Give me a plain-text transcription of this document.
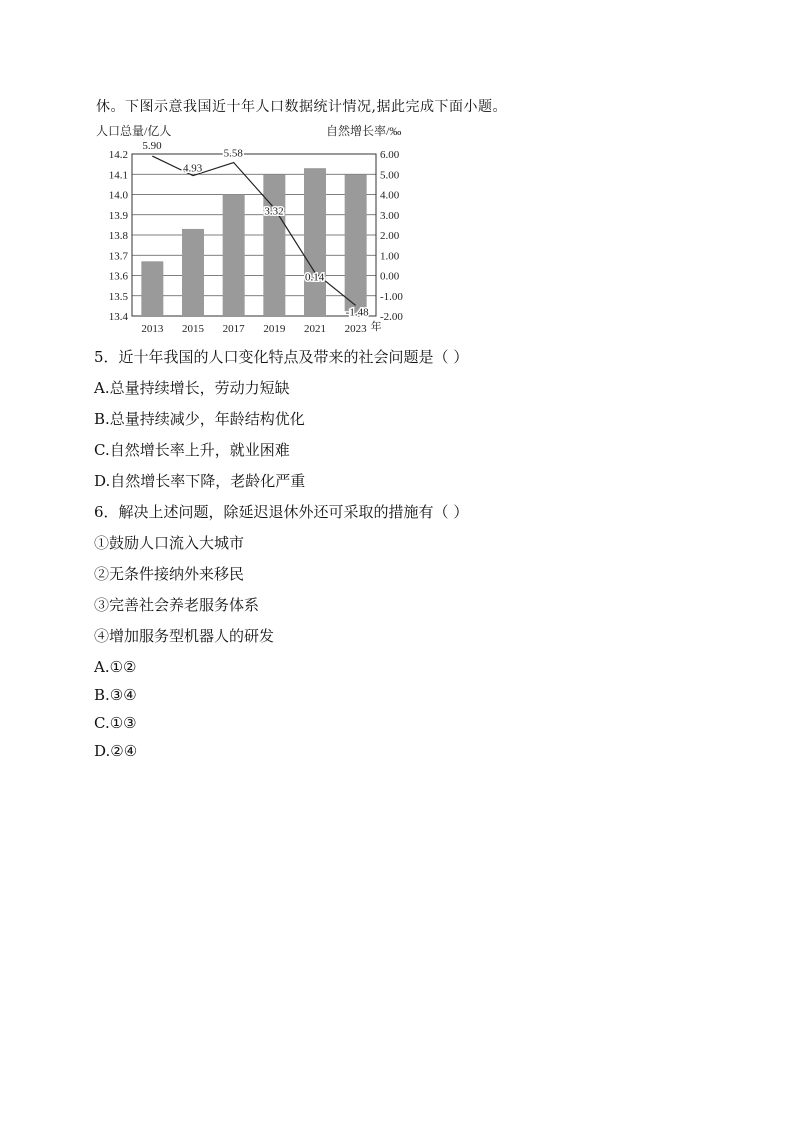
休。下图示意我国近十年人口数据统计情况,据此完成下面小题。
人口总量/亿人	自然增长率/‰
5.90
4.93
5.58
3.32
0.14
-1.48
14.2
14.1
14.0
13.9
13.8
13.7
13.6
13.5
13.4
6.00
5.00
4.00
3.00
2.00
1.00
0.00
-1.00
-2.00
2013 2015 2017 2019 2021 2023 年
5．近十年我国的人口变化特点及带来的社会问题是（ ）
A.总量持续增长，劳动力短缺
B.总量持续减少，年龄结构优化
C.自然增长率上升，就业困难
D.自然增长率下降，老龄化严重
6．解决上述问题，除延迟退休外还可采取的措施有（ ）
①鼓励人口流入大城市
②无条件接纳外来移民
③完善社会养老服务体系
④增加服务型机器人的研发
A.①②
B.③④
C.①③
D.②④
